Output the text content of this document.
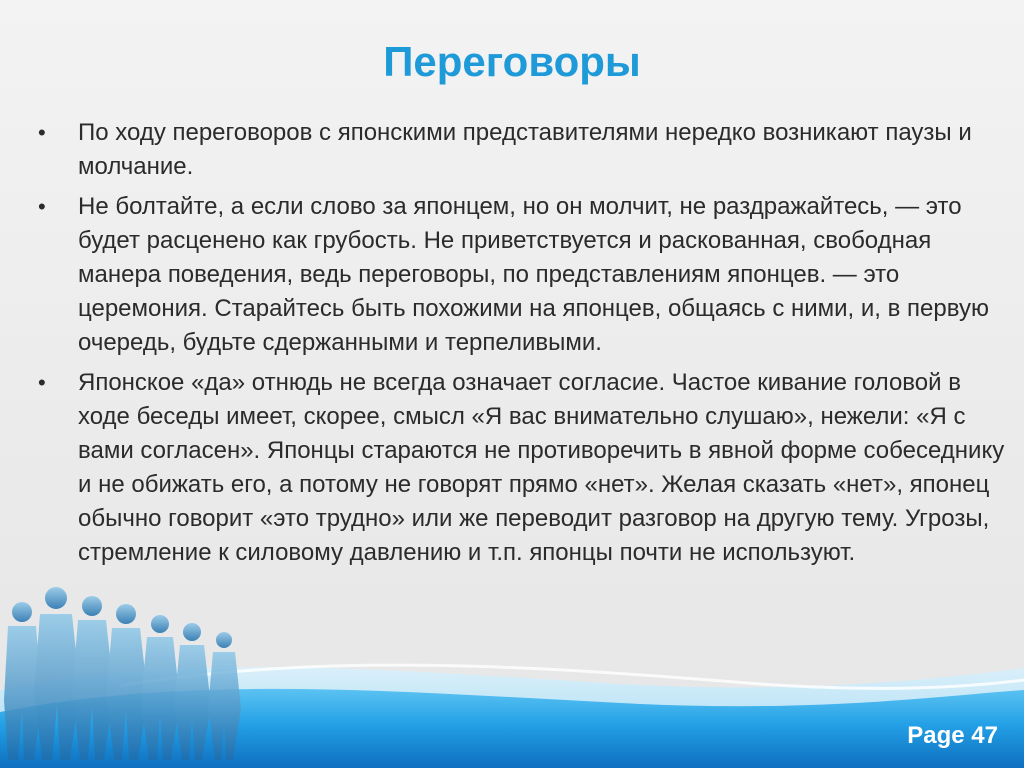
Переговоры
• По ходу переговоров с японскими представителями нередко возникают паузы и молчание.
• Не болтайте, а если слово за японцем, но он молчит, не раздражайтесь, — это будет расценено как грубость. Не приветствуется и раскованная, свободная манера поведения, ведь переговоры, по представлениям японцев. — это церемония. Старайтесь быть похожими на японцев, общаясь с ними, и, в первую очередь, будьте сдержанными и терпеливыми.
• Японское «да» отнюдь не всегда означает согласие. Частое кивание головой в ходе беседы имеет, скорее, смысл «Я вас внимательно слушаю», нежели: «Я с вами согласен». Японцы стараются не противоречить в явной форме собеседнику и не обижать его, а потому не говорят прямо «нет». Желая сказать «нет», японец обычно говорит «это трудно» или же переводит разговор на другую тему. Угрозы, стремление к силовому давлению и т.п. японцы почти не используют.
Page 47
